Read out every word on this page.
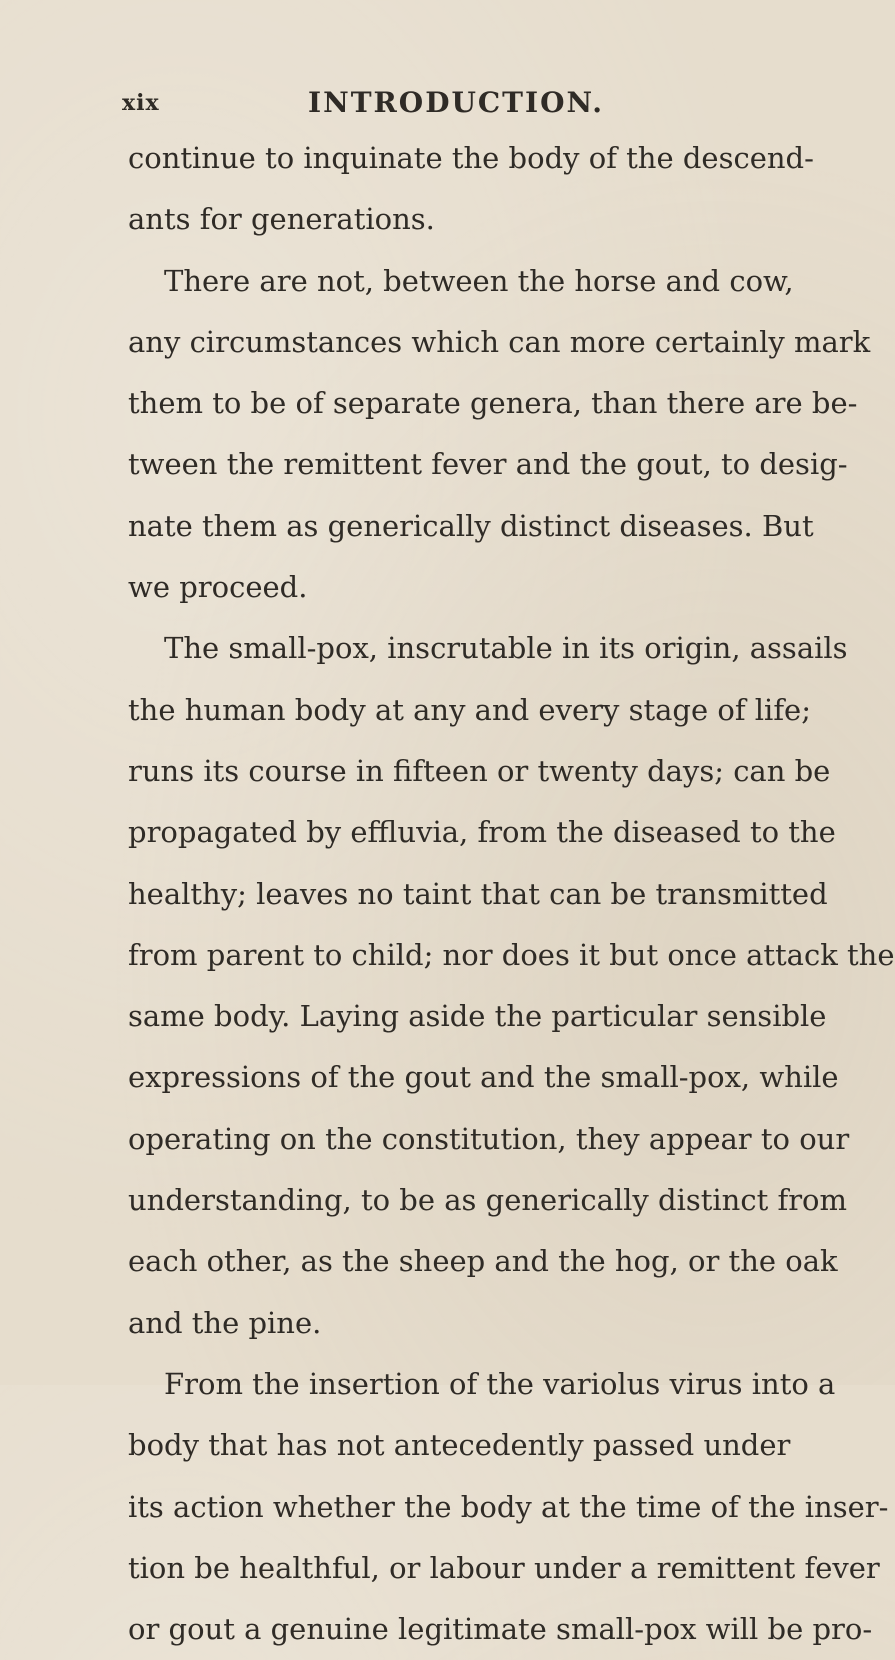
xix	INTRODUCTION.
continue to inquinate the body of the descend-
ants for generations.
There are not, between the horse and cow,
any circumstances which can more certainly mark
them to be of separate genera, than there are be-
tween the remittent fever and the gout, to desig-
nate them as generically distinct diseases. But
we proceed.
The small-pox, inscrutable in its origin, assails
the human body at any and every stage of life;
runs its course in fifteen or twenty days; can be
propagated by effluvia, from the diseased to the
healthy; leaves no taint that can be transmitted
from parent to child; nor does it but once attack the
same body. Laying aside the particular sensible
expressions of the gout and the small-pox, while
operating on the constitution, they appear to our
understanding, to be as generically distinct from
each other, as the sheep and the hog, or the oak
and the pine.
From the insertion of the variolus virus into a
body that has not antecedently passed under
its action whether the body at the time of the inser-
tion be healthful, or labour under a remittent fever
or gout a genuine legitimate small-pox will be pro-
